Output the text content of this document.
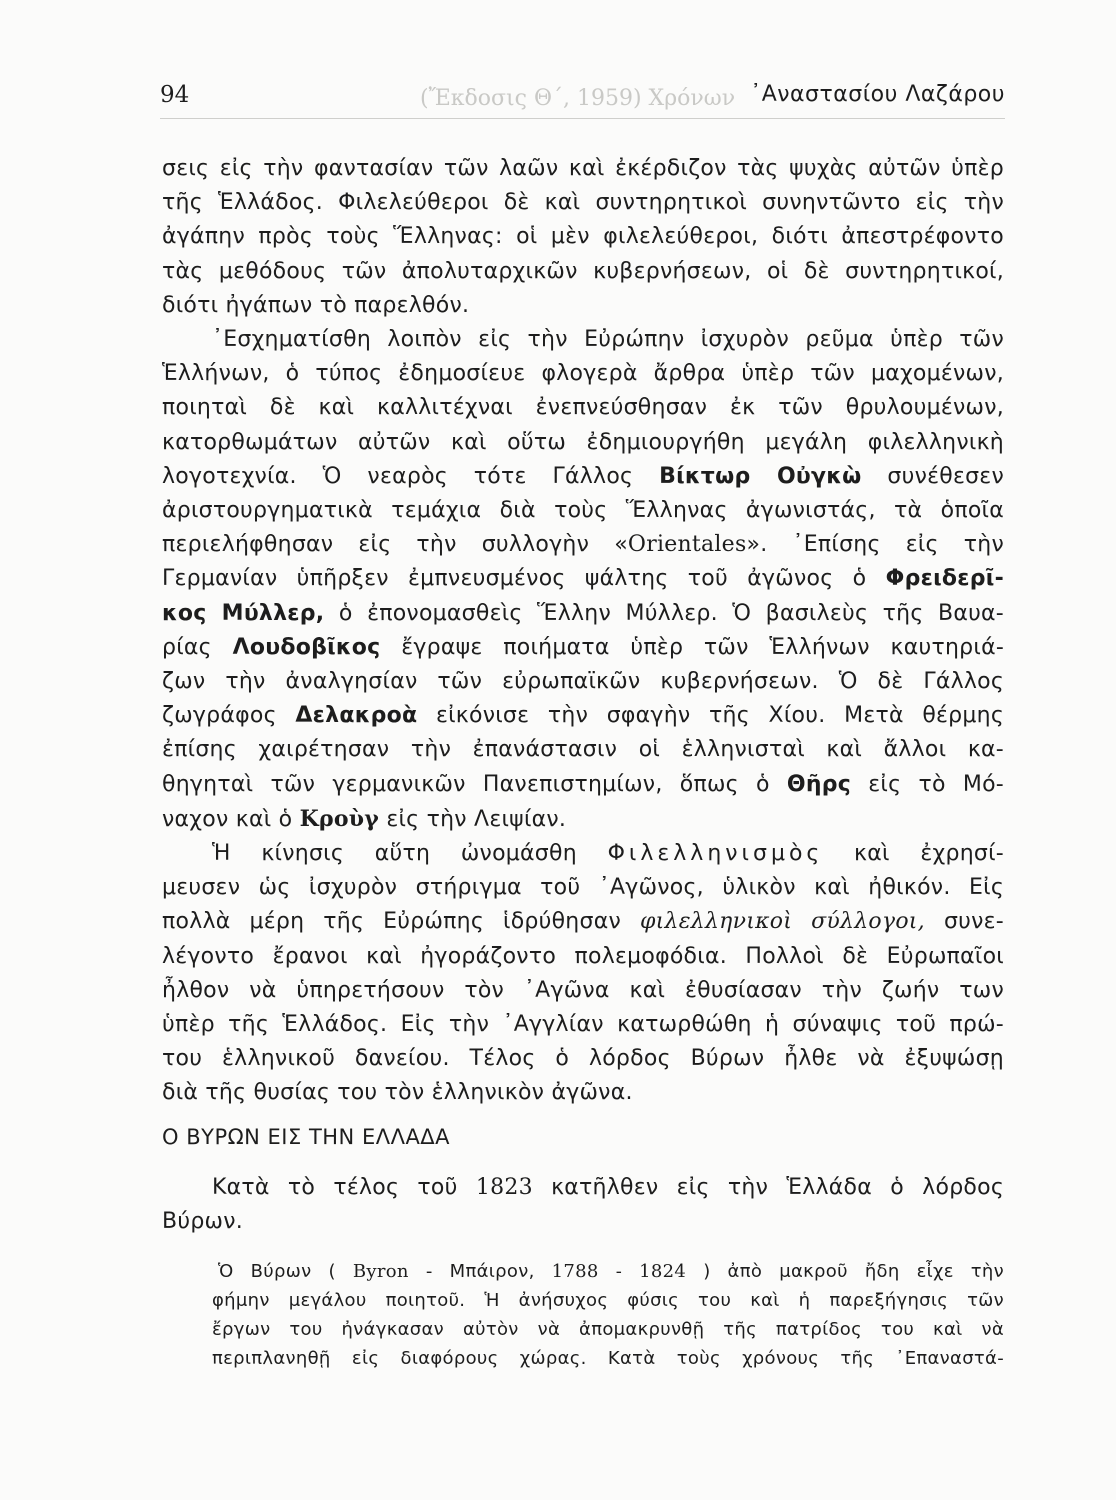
(Ἔκδοσις Θ΄, 1959) Χρόνων
94	᾽Αναστασίου Λαζάρου
σεις εἰς τὴν φαντασίαν τῶν λαῶν καὶ ἐκέρδιζον τὰς ψυχὰς αὐτῶν ὑπὲρ
τῆς Ἑλλάδος. Φιλελεύθεροι δὲ καὶ συντηρητικοὶ συνηντῶντο εἰς τὴν
ἀγάπην πρὸς τοὺς Ἕλληνας: οἱ μὲν φιλελεύθεροι, διότι ἀπεστρέφοντο
τὰς μεθόδους τῶν ἀπολυταρχικῶν κυβερνήσεων, οἱ δὲ συντηρητικοί,
διότι ἠγάπων τὸ παρελθόν.
᾽Εσχηματίσθη λοιπὸν εἰς τὴν Εὐρώπην ἰσχυρὸν ρεῦμα ὑπὲρ τῶν
Ἑλλήνων, ὁ τύπος ἐδημοσίευε φλογερὰ ἄρθρα ὑπὲρ τῶν μαχομένων,
ποιηταὶ δὲ καὶ καλλιτέχναι ἐνεπνεύσθησαν ἐκ τῶν θρυλουμένων,
κατορθωμάτων αὐτῶν καὶ οὕτω ἐδημιουργήθη μεγάλη φιλελληνικὴ
λογοτεχνία. Ὁ νεαρὸς τότε Γάλλος Βίκτωρ Οὐγκὼ συνέθεσεν
ἀριστουργηματικὰ τεμάχια διὰ τοὺς Ἕλληνας ἀγωνιστάς, τὰ ὁποῖα
περιελήφθησαν εἰς τὴν συλλογὴν «Orientales». ᾽Επίσης εἰς τὴν
Γερμανίαν ὑπῆρξεν ἐμπνευσμένος ψάλτης τοῦ ἀγῶνος ὁ Φρειδερῖ-
κος Μύλλερ, ὁ ἐπονομασθεὶς Ἕλλην Μύλλερ. Ὁ βασιλεὺς τῆς Βαυα-
ρίας Λουδοβῖκος ἔγραψε ποιήματα ὑπὲρ τῶν Ἑλλήνων καυτηριά-
ζων τὴν ἀναλγησίαν τῶν εὐρωπαϊκῶν κυβερνήσεων. Ὁ δὲ Γάλλος
ζωγράφος Δελακροὰ εἰκόνισε τὴν σφαγὴν τῆς Χίου. Μετὰ θέρμης
ἐπίσης χαιρέτησαν τὴν ἐπανάστασιν οἱ ἑλληνισταὶ καὶ ἄλλοι κα-
θηγηταὶ τῶν γερμανικῶν Πανεπιστημίων, ὅπως ὁ Θῆρς εἰς τὸ Μό-
ναχον καὶ ὁ Κροὺγ εἰς τὴν Λειψίαν.
Ἡ κίνησις αὕτη ὠνομάσθη Φιλελληνισμὸς καὶ ἐχρησί-
μευσεν ὡς ἰσχυρὸν στήριγμα τοῦ ᾽Αγῶνος, ὑλικὸν καὶ ἠθικόν. Εἰς
πολλὰ μέρη τῆς Εὐρώπης ἱδρύθησαν φιλελληνικοὶ σύλλογοι, συνε-
λέγοντο ἔρανοι καὶ ἠγοράζοντο πολεμοφόδια. Πολλοὶ δὲ Εὐρωπαῖοι
ἦλθον νὰ ὑπηρετήσουν τὸν ᾽Αγῶνα καὶ ἐθυσίασαν τὴν ζωήν των
ὑπὲρ τῆς Ἑλλάδος. Εἰς τὴν ᾽Αγγλίαν κατωρθώθη ἡ σύναψις τοῦ πρώ-
του ἑλληνικοῦ δανείου. Τέλος ὁ λόρδος Βύρων ἦλθε νὰ ἐξυψώσῃ
διὰ τῆς θυσίας του τὸν ἑλληνικὸν ἀγῶνα.
Ο ΒΥΡΩΝ ΕΙΣ ΤΗΝ ΕΛΛΑΔΑ
Κατὰ τὸ τέλος τοῦ 1823 κατῆλθεν εἰς τὴν Ἑλλάδα ὁ λόρδος
Βύρων.
Ὁ Βύρων ( Byron - Μπάιρον, 1788 - 1824 ) ἀπὸ μακροῦ ἤδη εἶχε τὴν
φήμην μεγάλου ποιητοῦ. Ἡ ἀνήσυχος φύσις του καὶ ἡ παρεξήγησις τῶν
ἔργων του ἠνάγκασαν αὐτὸν νὰ ἀπομακρυνθῇ τῆς πατρίδος του καὶ νὰ
περιπλανηθῇ εἰς διαφόρους χώρας. Κατὰ τοὺς χρόνους τῆς ᾽Επαναστά-
